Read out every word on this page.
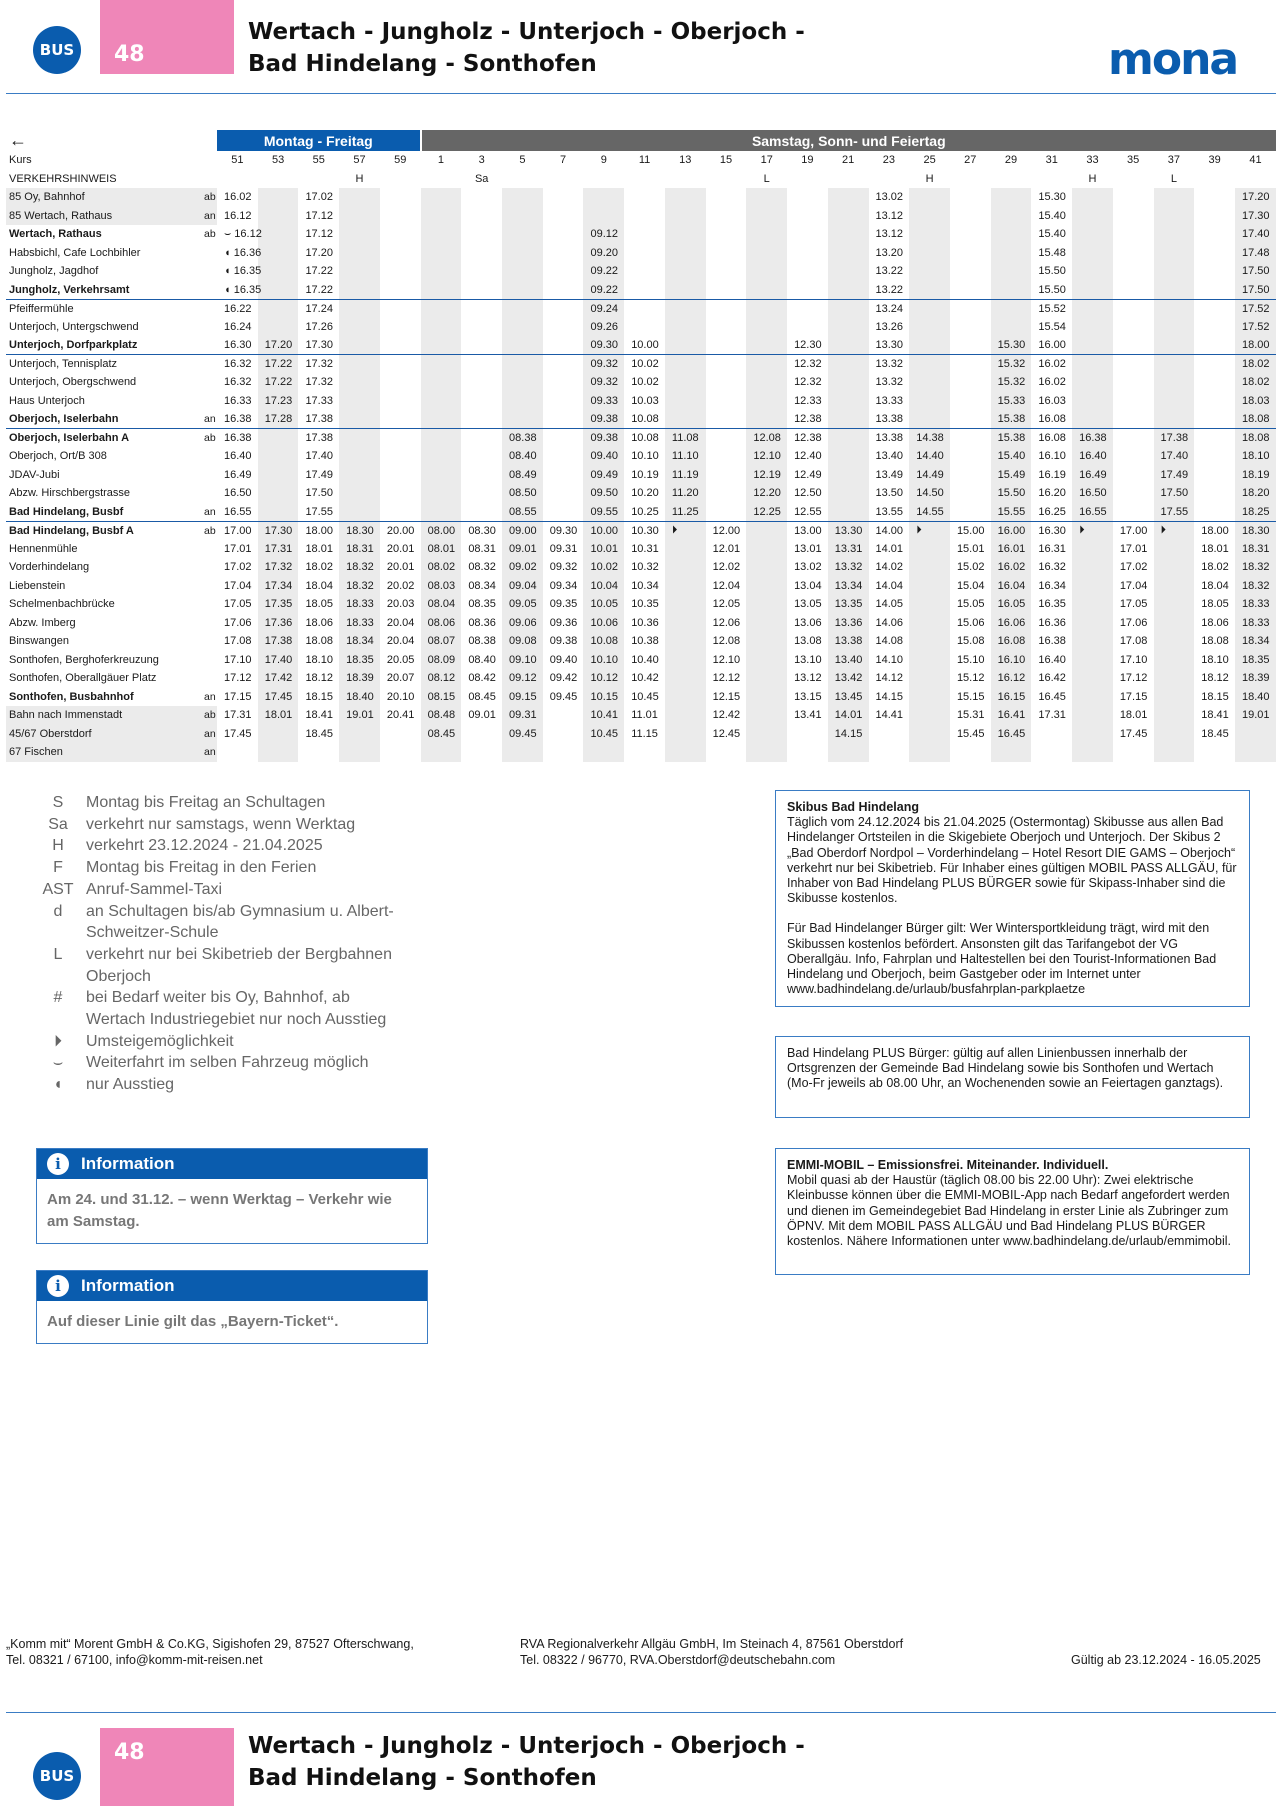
BUS	48
Wertach - Jungholz - Unterjoch - Oberjoch -
Bad Hindelang - Sonthofen	mona
←		Montag - Freitag					Samstag, Sonn- und Feiertag																				
Kurs		51	53	55	57	59	1	3	5	7	9	11	13	15	17	19	21	23	25	27	29	31	33	35	37	39	41
VERKEHRSHINWEIS					H			Sa							L				H				H		L		
85 Oy, Bahnhof	ab	16.02		17.02														13.02				15.30					17.20
85 Wertach, Rathaus	an	16.12		17.12														13.12				15.40					17.30
Wertach, Rathaus	ab	⌣ 16.12		17.12							09.12							13.12				15.40					17.40
Habsbichl, Cafe Lochbihler		◖ 16.36		17.20							09.20							13.20				15.48					17.48
Jungholz, Jagdhof		◖ 16.35		17.22							09.22							13.22				15.50					17.50
Jungholz, Verkehrsamt		◖ 16.35		17.22							09.22							13.22				15.50					17.50
Pfeiffermühle		16.22		17.24							09.24							13.24				15.52					17.52
Unterjoch, Untergschwend		16.24		17.26							09.26							13.26				15.54					17.52
Unterjoch, Dorfparkplatz		16.30	17.20	17.30							09.30	10.00				12.30		13.30			15.30	16.00					18.00
Unterjoch, Tennisplatz		16.32	17.22	17.32							09.32	10.02				12.32		13.32			15.32	16.02					18.02
Unterjoch, Obergschwend		16.32	17.22	17.32							09.32	10.02				12.32		13.32			15.32	16.02					18.02
Haus Unterjoch		16.33	17.23	17.33							09.33	10.03				12.33		13.33			15.33	16.03					18.03
Oberjoch, Iselerbahn	an	16.38	17.28	17.38							09.38	10.08				12.38		13.38			15.38	16.08					18.08
Oberjoch, Iselerbahn A	ab	16.38		17.38					08.38		09.38	10.08	11.08		12.08	12.38		13.38	14.38		15.38	16.08	16.38		17.38		18.08
Oberjoch, Ort/B 308		16.40		17.40					08.40		09.40	10.10	11.10		12.10	12.40		13.40	14.40		15.40	16.10	16.40		17.40		18.10
JDAV-Jubi		16.49		17.49					08.49		09.49	10.19	11.19		12.19	12.49		13.49	14.49		15.49	16.19	16.49		17.49		18.19
Abzw. Hirschbergstrasse		16.50		17.50					08.50		09.50	10.20	11.20		12.20	12.50		13.50	14.50		15.50	16.20	16.50		17.50		18.20
Bad Hindelang, Busbf	an	16.55		17.55					08.55		09.55	10.25	11.25		12.25	12.55		13.55	14.55		15.55	16.25	16.55		17.55		18.25
Bad Hindelang, Busbf A	ab	17.00	17.30	18.00	18.30	20.00	08.00	08.30	09.00	09.30	10.00	10.30	⏵	12.00		13.00	13.30	14.00	⏵	15.00	16.00	16.30	⏵	17.00	⏵	18.00	18.30
Hennenmühle		17.01	17.31	18.01	18.31	20.01	08.01	08.31	09.01	09.31	10.01	10.31		12.01		13.01	13.31	14.01		15.01	16.01	16.31		17.01		18.01	18.31
Vorderhindelang		17.02	17.32	18.02	18.32	20.01	08.02	08.32	09.02	09.32	10.02	10.32		12.02		13.02	13.32	14.02		15.02	16.02	16.32		17.02		18.02	18.32
Liebenstein		17.04	17.34	18.04	18.32	20.02	08.03	08.34	09.04	09.34	10.04	10.34		12.04		13.04	13.34	14.04		15.04	16.04	16.34		17.04		18.04	18.32
Schelmenbachbrücke		17.05	17.35	18.05	18.33	20.03	08.04	08.35	09.05	09.35	10.05	10.35		12.05		13.05	13.35	14.05		15.05	16.05	16.35		17.05		18.05	18.33
Abzw. Imberg		17.06	17.36	18.06	18.33	20.04	08.06	08.36	09.06	09.36	10.06	10.36		12.06		13.06	13.36	14.06		15.06	16.06	16.36		17.06		18.06	18.33
Binswangen		17.08	17.38	18.08	18.34	20.04	08.07	08.38	09.08	09.38	10.08	10.38		12.08		13.08	13.38	14.08		15.08	16.08	16.38		17.08		18.08	18.34
Sonthofen, Berghoferkreuzung		17.10	17.40	18.10	18.35	20.05	08.09	08.40	09.10	09.40	10.10	10.40		12.10		13.10	13.40	14.10		15.10	16.10	16.40		17.10		18.10	18.35
Sonthofen, Oberallgäuer Platz		17.12	17.42	18.12	18.39	20.07	08.12	08.42	09.12	09.42	10.12	10.42		12.12		13.12	13.42	14.12		15.12	16.12	16.42		17.12		18.12	18.39
Sonthofen, Busbahnhof	an	17.15	17.45	18.15	18.40	20.10	08.15	08.45	09.15	09.45	10.15	10.45		12.15		13.15	13.45	14.15		15.15	16.15	16.45		17.15		18.15	18.40
Bahn nach Immenstadt	ab	17.31	18.01	18.41	19.01	20.41	08.48	09.01	09.31		10.41	11.01		12.42		13.41	14.01	14.41		15.31	16.41	17.31		18.01		18.41	19.01
45/67 Oberstdorf	an	17.45		18.45			08.45		09.45		10.45	11.15		12.45			14.15			15.45	16.45			17.45		18.45	
67 Fischen	an																										
S	Montag bis Freitag an Schultagen
Sa	verkehrt nur samstags, wenn Werktag
H	verkehrt 23.12.2024 - 21.04.2025
F	Montag bis Freitag in den Ferien
AST Anruf-Sammel-Taxi
d	an Schultagen bis/ab Gymnasium u. Albert-Schweitzer-Schule
L	verkehrt nur bei Skibetrieb der Bergbahnen Oberjoch
#	bei Bedarf weiter bis Oy, Bahnhof, ab Wertach Industriegebiet nur noch Ausstieg
⏵	Umsteigemöglichkeit
⌣	Weiterfahrt im selben Fahrzeug möglich
◖	nur Ausstieg
i	Information
Am 24. und 31.12. – wenn Werktag – Verkehr wie am Samstag.
i	Information
Auf dieser Linie gilt das „Bayern-Ticket“.
Skibus Bad Hindelang
Täglich vom 24.12.2024 bis 21.04.2025 (Ostermontag) Skibusse aus allen Bad Hindelanger Ortsteilen in die Skigebiete Oberjoch und Unterjoch. Der Skibus 2 „Bad Oberdorf Nordpol – Vorderhindelang – Hotel Resort DIE GAMS – Oberjoch“ verkehrt nur bei Skibetrieb. Für Inhaber eines gültigen MOBIL PASS ALLGÄU, für Inhaber von Bad Hindelang PLUS BÜRGER sowie für Skipass-Inhaber sind die Skibusse kostenlos.
Für Bad Hindelanger Bürger gilt: Wer Wintersportkleidung trägt, wird mit den Skibussen kostenlos befördert. Ansonsten gilt das Tarifangebot der VG Oberallgäu. Info, Fahrplan und Haltestellen bei den Tourist-Informationen Bad Hindelang und Oberjoch, beim Gastgeber oder im Internet unter www.badhindelang.de/urlaub/busfahrplan-parkplaetze
Bad Hindelang PLUS Bürger: gültig auf allen Linienbussen innerhalb der Ortsgrenzen der Gemeinde Bad Hindelang sowie bis Sonthofen und Wertach (Mo-Fr jeweils ab 08.00 Uhr, an Wochenenden sowie an Feiertagen ganztags).
EMMI-MOBIL – Emissionsfrei. Miteinander. Individuell.
Mobil quasi ab der Haustür (täglich 08.00 bis 22.00 Uhr): Zwei elektrische Kleinbusse können über die EMMI-MOBIL-App nach Bedarf angefordert werden und dienen im Gemeindegebiet Bad Hindelang in erster Linie als Zubringer zum ÖPNV. Mit dem MOBIL PASS ALLGÄU und Bad Hindelang PLUS BÜRGER kostenlos. Nähere Informationen unter www.badhindelang.de/urlaub/emmimobil.
„Komm mit“ Morent GmbH & Co.KG, Sigishofen 29, 87527 Ofterschwang,
Tel. 08321 / 67100, info@komm-mit-reisen.net
RVA Regionalverkehr Allgäu GmbH, Im Steinach 4, 87561 Oberstdorf
Tel. 08322 / 96770, RVA.Oberstdorf@deutschebahn.com	Gültig ab 23.12.2024 - 16.05.2025
BUS
48	Wertach - Jungholz - Unterjoch - Oberjoch -
Bad Hindelang - Sonthofen
